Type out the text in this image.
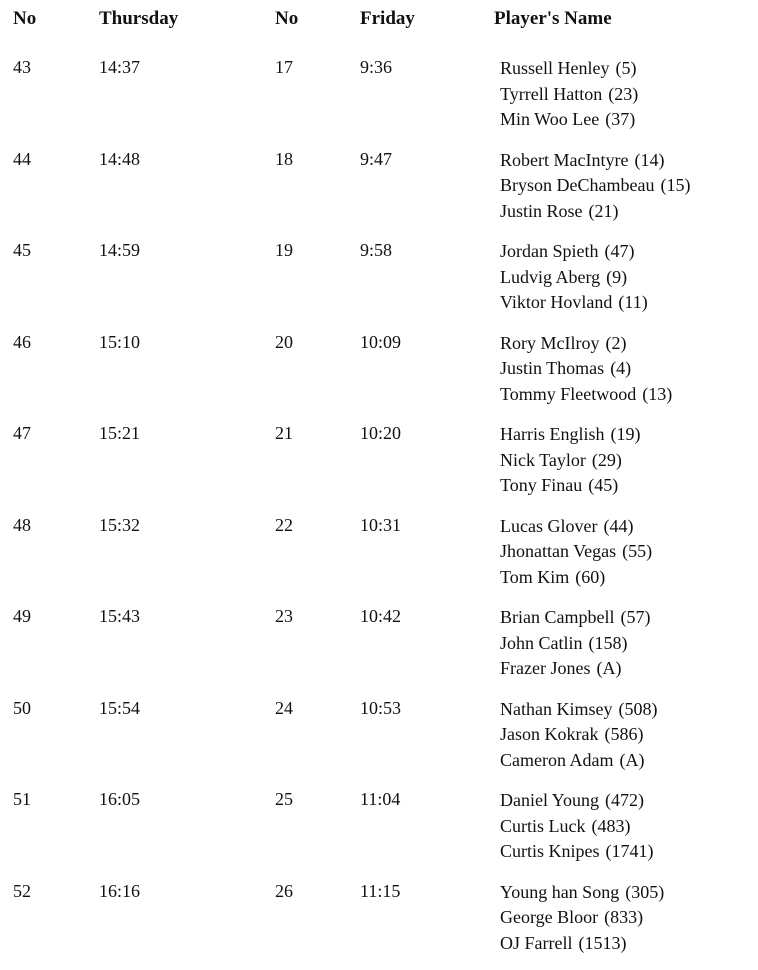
No	Thursday	No	Friday	Player's Name
43	14:37	17	9:36	Russell Henley (5)
Tyrrell Hatton (23)
Min Woo Lee (37)
44	14:48	18	9:47	Robert MacIntyre (14)
Bryson DeChambeau (15)
Justin Rose (21)
45	14:59	19	9:58	Jordan Spieth (47)
Ludvig Aberg (9)
Viktor Hovland (11)
46	15:10	20	10:09	Rory McIlroy (2)
Justin Thomas (4)
Tommy Fleetwood (13)
47	15:21	21	10:20	Harris English (19)
Nick Taylor (29)
Tony Finau (45)
48	15:32	22	10:31	Lucas Glover (44)
Jhonattan Vegas (55)
Tom Kim (60)
49	15:43	23	10:42	Brian Campbell (57)
John Catlin (158)
Frazer Jones (A)
50	15:54	24	10:53	Nathan Kimsey (508)
Jason Kokrak (586)
Cameron Adam (A)
51	16:05	25	11:04	Daniel Young (472)
Curtis Luck (483)
Curtis Knipes (1741)
52	16:16	26	11:15	Young han Song (305)
George Bloor (833)
OJ Farrell (1513)
